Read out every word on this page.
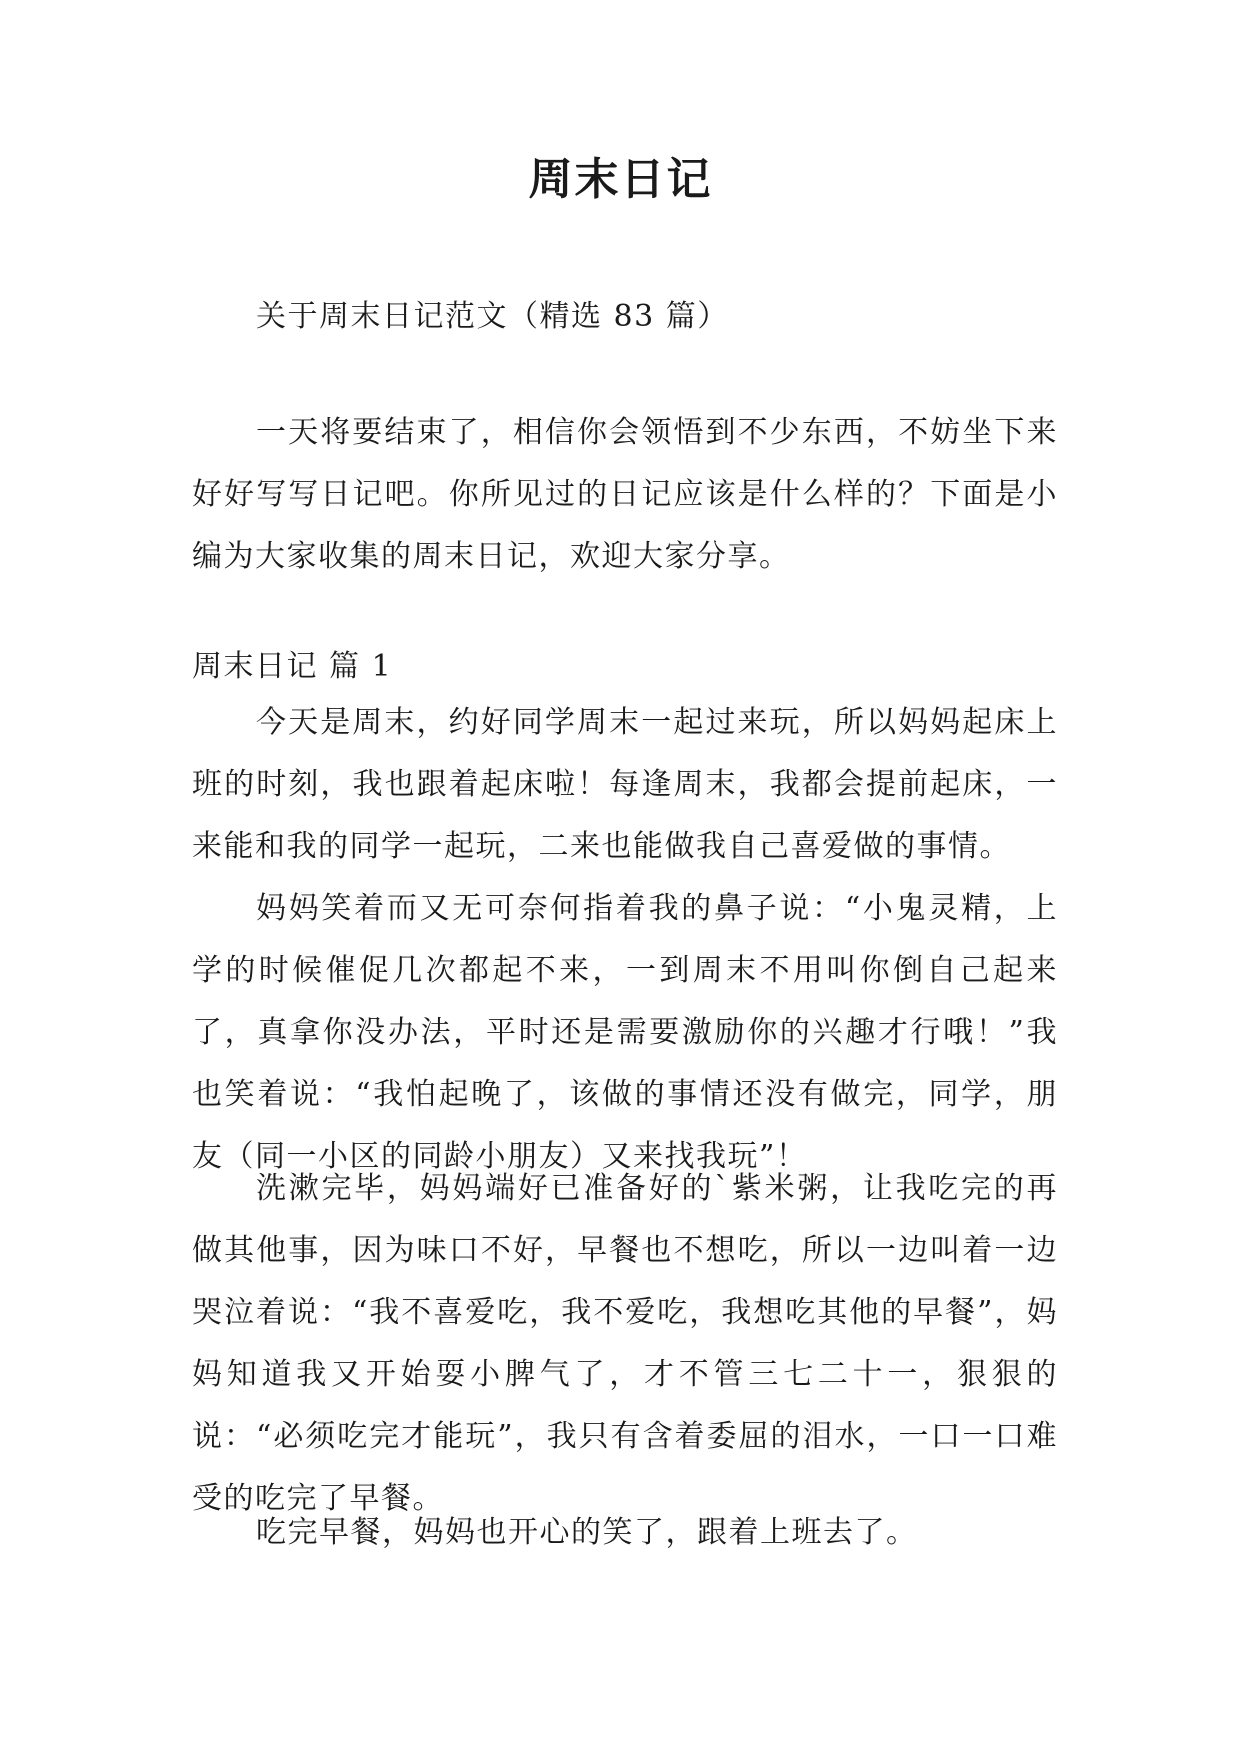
周末日记

关于周末日记范文（精选 83 篇）

一天将要结束了，相信你会领悟到不少东西，不妨坐下来好好写写日记吧。你所见过的日记应该是什么样的？下面是小编为大家收集的周末日记，欢迎大家分享。

周末日记 篇 1

今天是周末，约好同学周末一起过来玩，所以妈妈起床上班的时刻，我也跟着起床啦！每逢周末，我都会提前起床，一来能和我的同学一起玩，二来也能做我自己喜爱做的事情。

妈妈笑着而又无可奈何指着我的鼻子说：“小鬼灵精，上学的时候催促几次都起不来，一到周末不用叫你倒自己起来了，真拿你没办法，平时还是需要激励你的兴趣才行哦！”我也笑着说：“我怕起晚了，该做的事情还没有做完，同学，朋友（同一小区的同龄小朋友）又来找我玩”！

洗漱完毕，妈妈端好已准备好的`紫米粥，让我吃完的再做其他事，因为味口不好，早餐也不想吃，所以一边叫着一边哭泣着说：“我不喜爱吃，我不爱吃，我想吃其他的早餐”，妈妈知道我又开始耍小脾气了，才不管三七二十一，狠狠的说：“必须吃完才能玩”，我只有含着委屈的泪水，一口一口难受的吃完了早餐。

吃完早餐，妈妈也开心的笑了，跟着上班去了。
